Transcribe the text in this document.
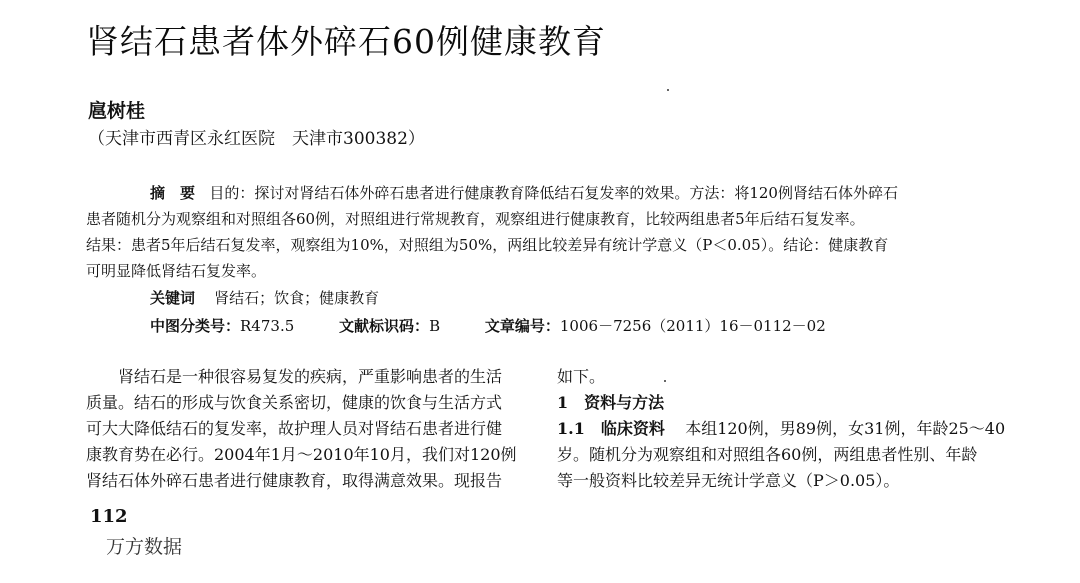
肾结石患者体外碎石60例健康教育
扈树桂
（天津市西青区永红医院　天津市300382）
摘　要 目的：探讨对肾结石体外碎石患者进行健康教育降低结石复发率的效果。方法：将120例肾结石体外碎石
患者随机分为观察组和对照组各60例，对照组进行常规教育，观察组进行健康教育，比较两组患者5年后结石复发率。
结果：患者5年后结石复发率，观察组为10%，对照组为50%，两组比较差异有统计学意义（P＜0.05）。结论：健康教育
可明显降低肾结石复发率。
关键词 肾结石；饮食；健康教育
中图分类号：R473.5	文献标识码：B	文章编号：1006－7256（2011）16－0112－02
肾结石是一种很容易复发的疾病，严重影响患者的生活
质量。结石的形成与饮食关系密切，健康的饮食与生活方式
可大大降低结石的复发率，故护理人员对肾结石患者进行健
康教育势在必行。2004年1月～2010年10月，我们对120例
肾结石体外碎石患者进行健康教育，取得满意效果。现报告
如下。
1　资料与方法
1.1　临床资料 本组120例，男89例，女31例，年龄25～40
岁。随机分为观察组和对照组各60例，两组患者性别、年龄
等一般资料比较差异无统计学意义（P＞0.05）。
112
万方数据
